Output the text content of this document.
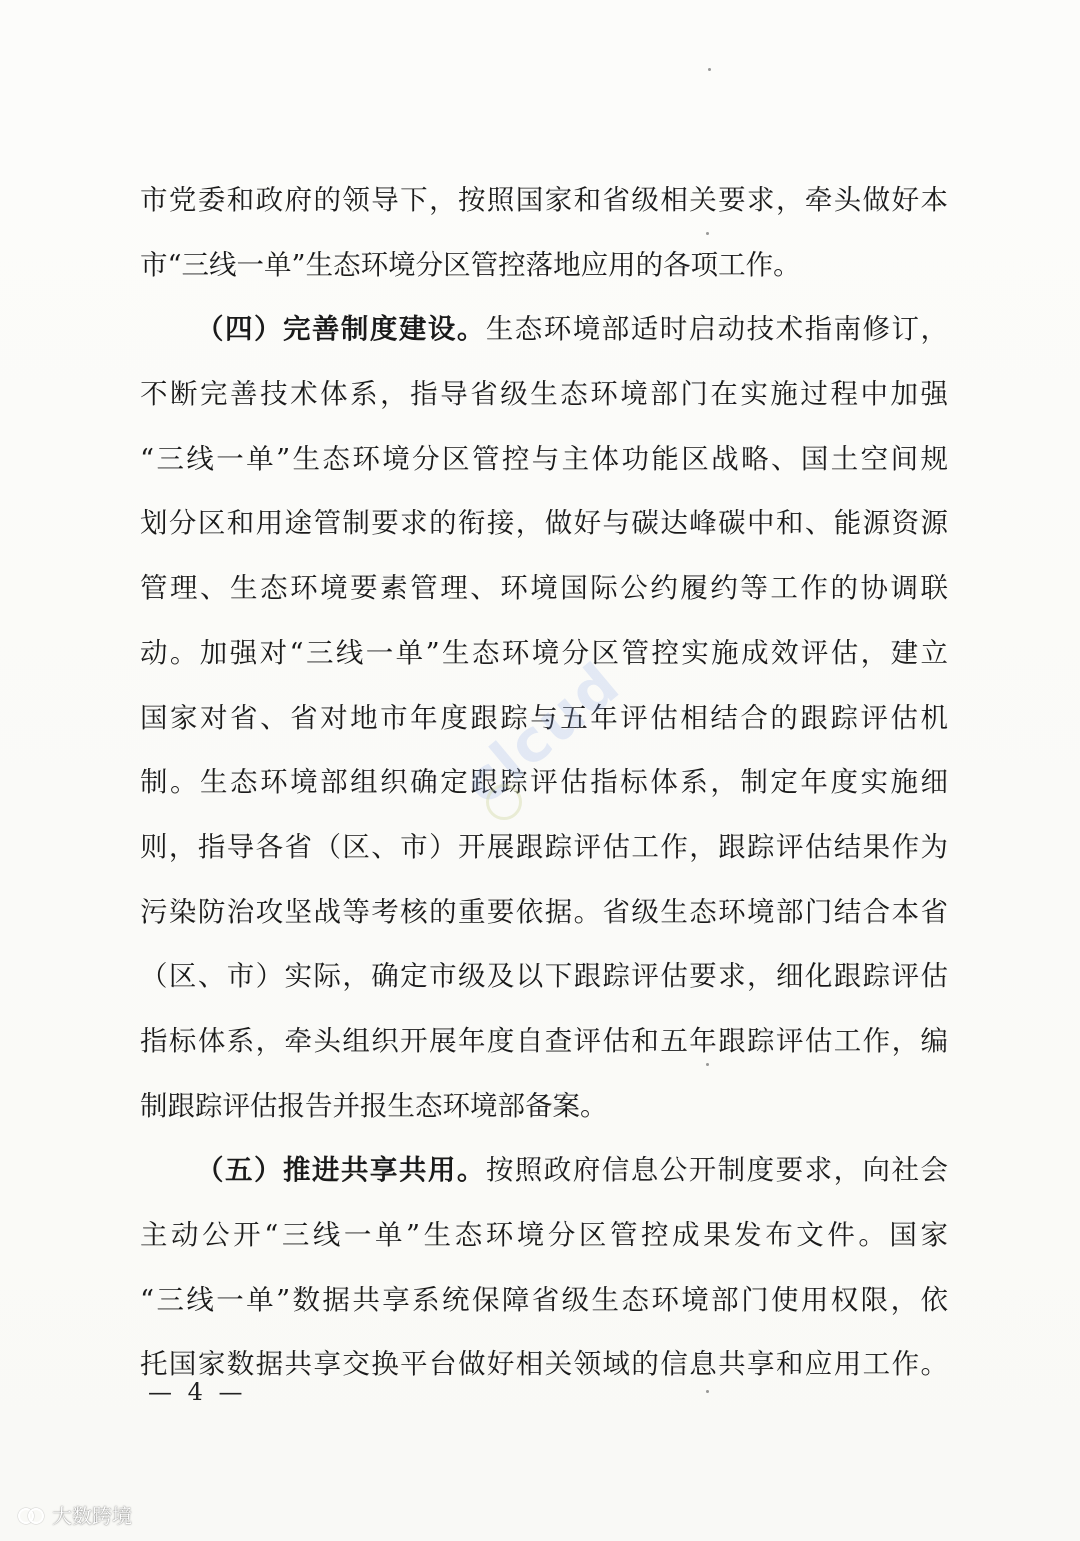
市党委和政府的领导下，按照国家和省级相关要求，牵头做好本
市“三线一单”生态环境分区管控落地应用的各项工作。
（四）完善制度建设。生态环境部适时启动技术指南修订，
不断完善技术体系，指导省级生态环境部门在实施过程中加强
“三线一单”生态环境分区管控与主体功能区战略、国土空间规
划分区和用途管制要求的衔接，做好与碳达峰碳中和、能源资源
管理、生态环境要素管理、环境国际公约履约等工作的协调联
动。加强对“三线一单”生态环境分区管控实施成效评估，建立
国家对省、省对地市年度跟踪与五年评估相结合的跟踪评估机
制。生态环境部组织确定跟踪评估指标体系，制定年度实施细
则，指导各省（区、市）开展跟踪评估工作，跟踪评估结果作为
污染防治攻坚战等考核的重要依据。省级生态环境部门结合本省
（区、市）实际，确定市级及以下跟踪评估要求，细化跟踪评估
指标体系，牵头组织开展年度自查评估和五年跟踪评估工作，编
制跟踪评估报告并报生态环境部备案。
（五）推进共享共用。按照政府信息公开制度要求，向社会
主动公开“三线一单”生态环境分区管控成果发布文件。国家
“三线一单”数据共享系统保障省级生态环境部门使用权限，依
托国家数据共享交换平台做好相关领域的信息共享和应用工作。
— 4 —
clcud
大数跨境
